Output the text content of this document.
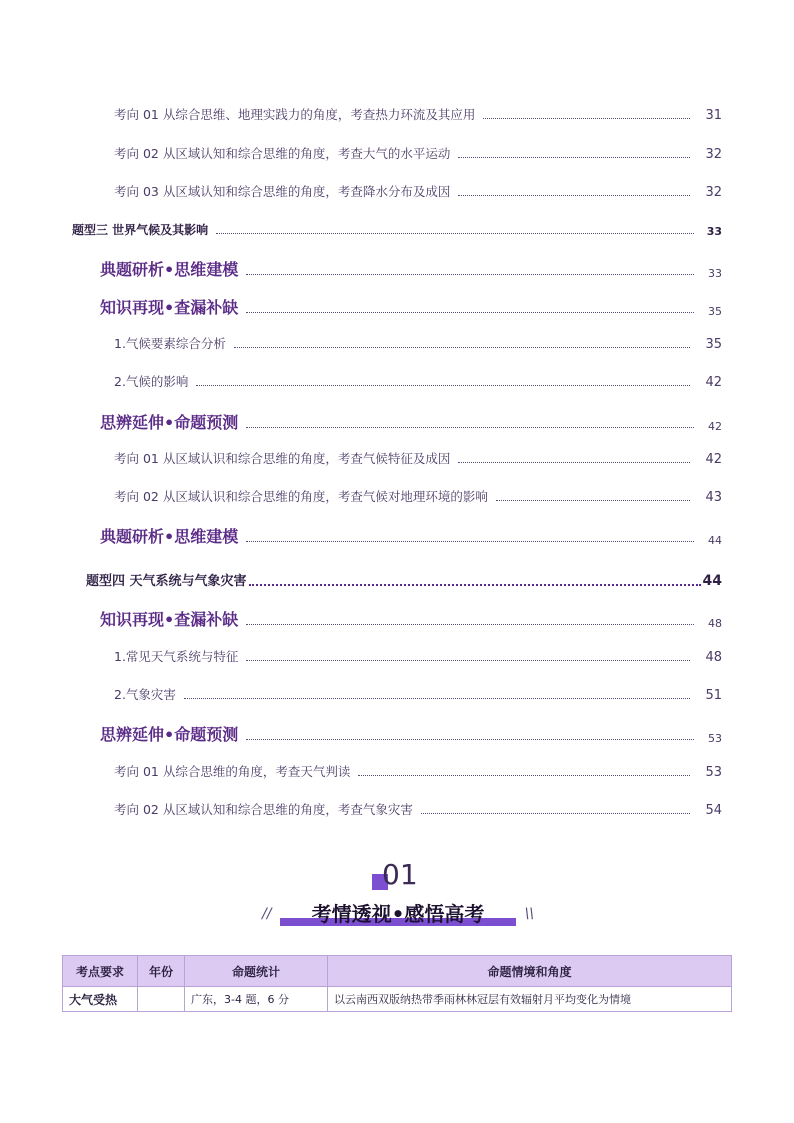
考向 01 从综合思维、地理实践力的角度，考查热力环流及其应用	31
考向 02 从区域认知和综合思维的角度，考查大气的水平运动	32
考向 03 从区域认知和综合思维的角度，考查降水分布及成因	32
题型三 世界气候及其影响	33
典题研析•思维建模	33
知识再现•查漏补缺	35
1.气候要素综合分析	35
2.气候的影响	42
思辨延伸•命题预测	42
考向 01 从区域认识和综合思维的角度，考查气候特征及成因	42
考向 02 从区域认识和综合思维的角度，考查气候对地理环境的影响	43
典题研析•思维建模	44
题型四 天气系统与气象灾害	44
知识再现•查漏补缺	48
1.常见天气系统与特征	48
2.气象灾害	51
思辨延伸•命题预测	53
考向 01 从综合思维的角度，考查天气判读	53
考向 02 从区域认知和综合思维的角度，考查气象灾害	54
01
//	考情透视•感悟高考	\\
考点要求	年份	命题统计	命题情境和角度
大气受热		广东，3-4 题，6 分	以云南西双版纳热带季雨林林冠层有效辐射月平均变化为情境
